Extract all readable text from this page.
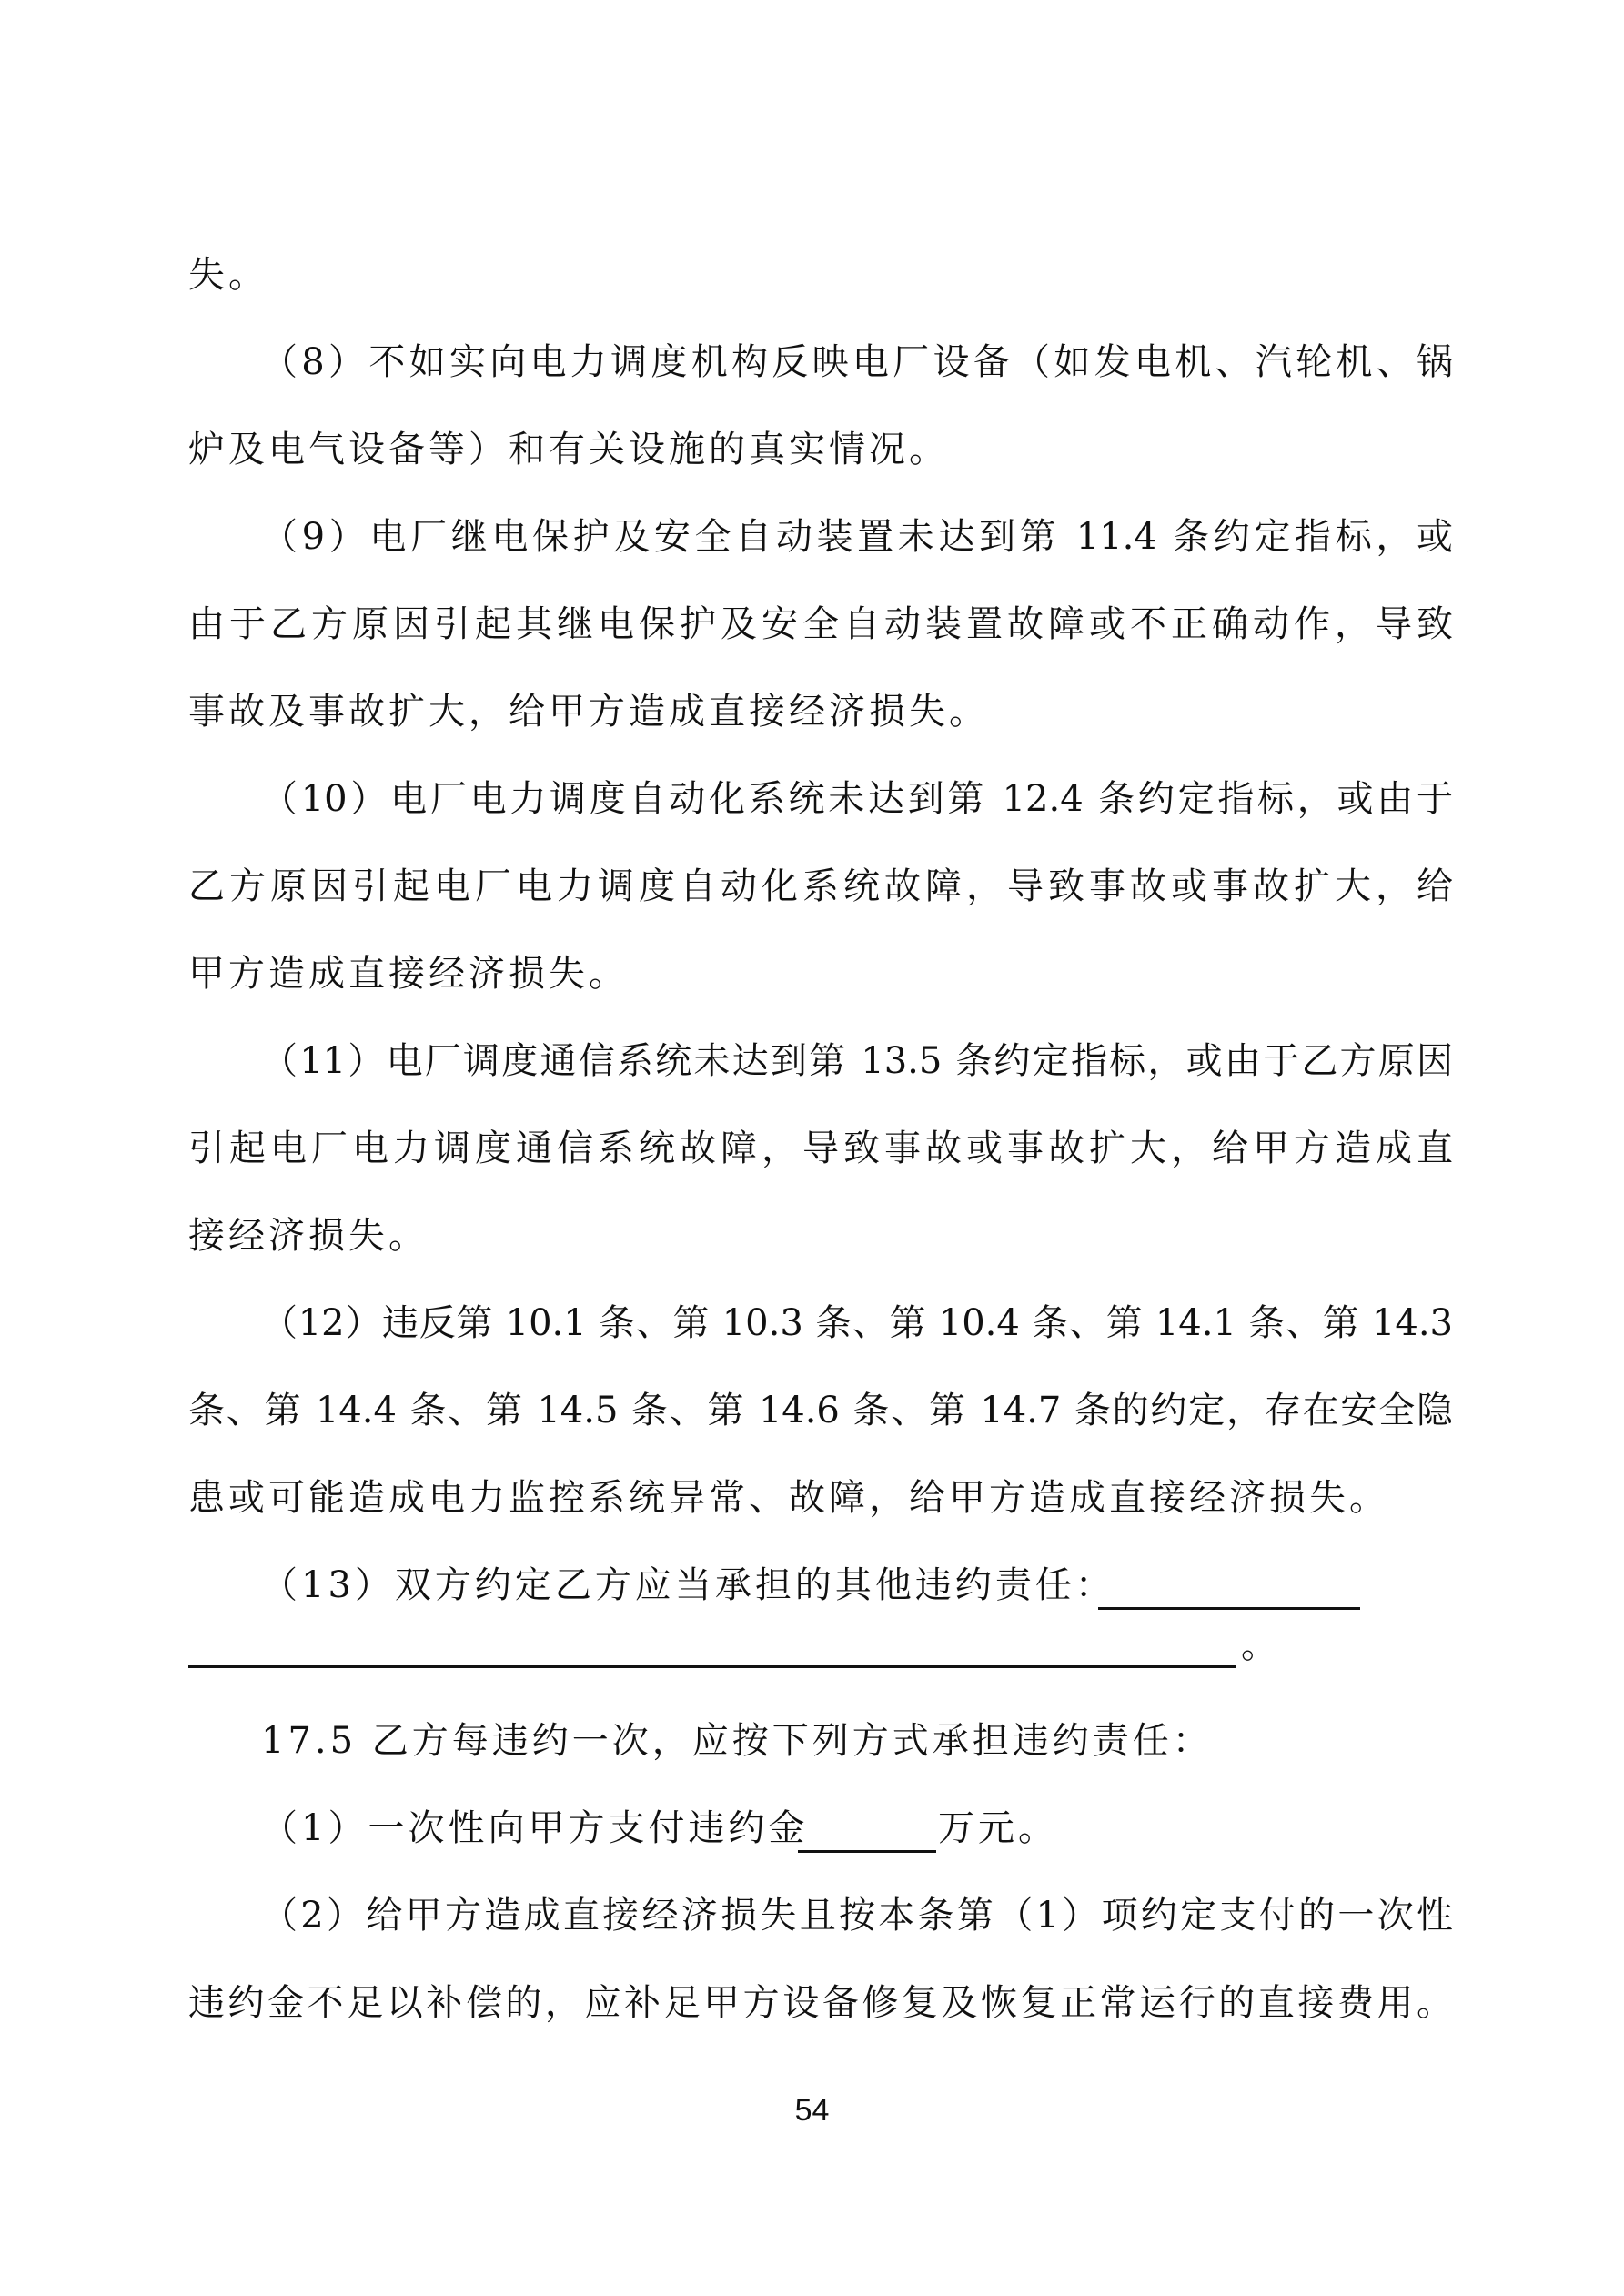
失。
（8）不如实向电力调度机构反映电厂设备（如发电机、汽轮机、锅
炉及电气设备等）和有关设施的真实情况。
（9）电厂继电保护及安全自动装置未达到第 11.4 条约定指标，或
由于乙方原因引起其继电保护及安全自动装置故障或不正确动作，导致
事故及事故扩大，给甲方造成直接经济损失。
（10）电厂电力调度自动化系统未达到第 12.4 条约定指标，或由于
乙方原因引起电厂电力调度自动化系统故障，导致事故或事故扩大，给
甲方造成直接经济损失。
（11）电厂调度通信系统未达到第 13.5 条约定指标，或由于乙方原因
引起电厂电力调度通信系统故障，导致事故或事故扩大，给甲方造成直
接经济损失。
（12）违反第 10.1 条、第 10.3 条、第 10.4 条、第 14.1 条、第 14.3
条、第 14.4 条、第 14.5 条、第 14.6 条、第 14.7 条的约定，存在安全隐
患或可能造成电力监控系统异常、故障，给甲方造成直接经济损失。
（13）双方约定乙方应当承担的其他违约责任：
。
17.5 乙方每违约一次，应按下列方式承担违约责任：
（1）一次性向甲方支付违约金	万元。
（2）给甲方造成直接经济损失且按本条第（1）项约定支付的一次性
违约金不足以补偿的，应补足甲方设备修复及恢复正常运行的直接费用。
54
